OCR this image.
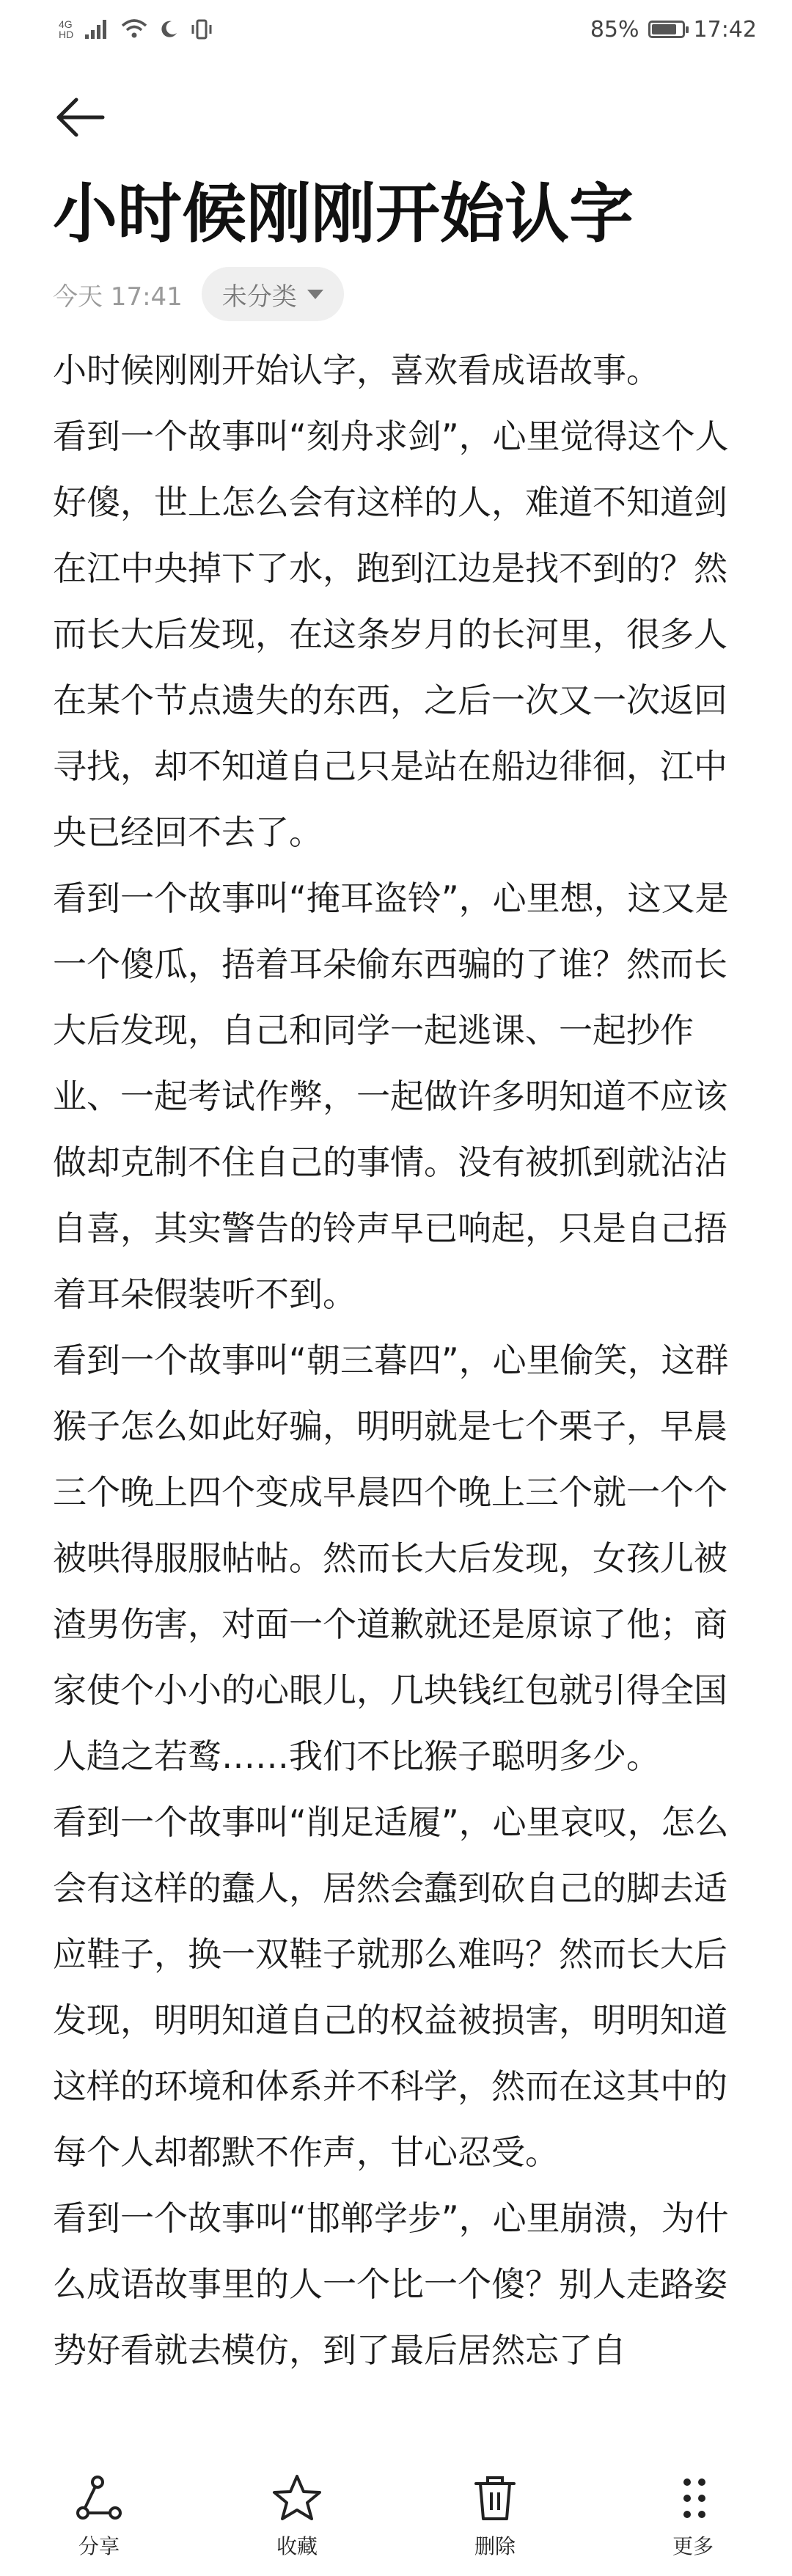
4G
HD	85% 17:42
小时候刚刚开始认字
今天 17:41 未分类

小时候刚刚开始认字，喜欢看成语故事。

看到一个故事叫“刻舟求剑”，心里觉得这个人好傻，世上怎么会有这样的人，难道不知道剑在江中央掉下了水，跑到江边是找不到的？然而长大后发现，在这条岁月的长河里，很多人在某个节点遗失的东西，之后一次又一次返回寻找，却不知道自己只是站在船边徘徊，江中央已经回不去了。

看到一个故事叫“掩耳盗铃”，心里想，这又是一个傻瓜，捂着耳朵偷东西骗的了谁？然而长大后发现，自己和同学一起逃课、一起抄作业、一起考试作弊，一起做许多明知道不应该做却克制不住自己的事情。没有被抓到就沾沾自喜，其实警告的铃声早已响起，只是自己捂着耳朵假装听不到。

看到一个故事叫“朝三暮四”，心里偷笑，这群猴子怎么如此好骗，明明就是七个栗子，早晨三个晚上四个变成早晨四个晚上三个就一个个被哄得服服帖帖。然而长大后发现，女孩儿被渣男伤害，对面一个道歉就还是原谅了他；商家使个小小的心眼儿，几块钱红包就引得全国人趋之若鹜……我们不比猴子聪明多少。

看到一个故事叫“削足适履”，心里哀叹，怎么会有这样的蠢人，居然会蠢到砍自己的脚去适应鞋子，换一双鞋子就那么难吗？然而长大后发现，明明知道自己的权益被损害，明明知道这样的环境和体系并不科学，然而在这其中的每个人却都默不作声，甘心忍受。

看到一个故事叫“邯郸学步”，心里崩溃，为什么成语故事里的人一个比一个傻？别人走路姿势好看就去模仿，到了最后居然忘了自

分享	收藏	删除	更多
